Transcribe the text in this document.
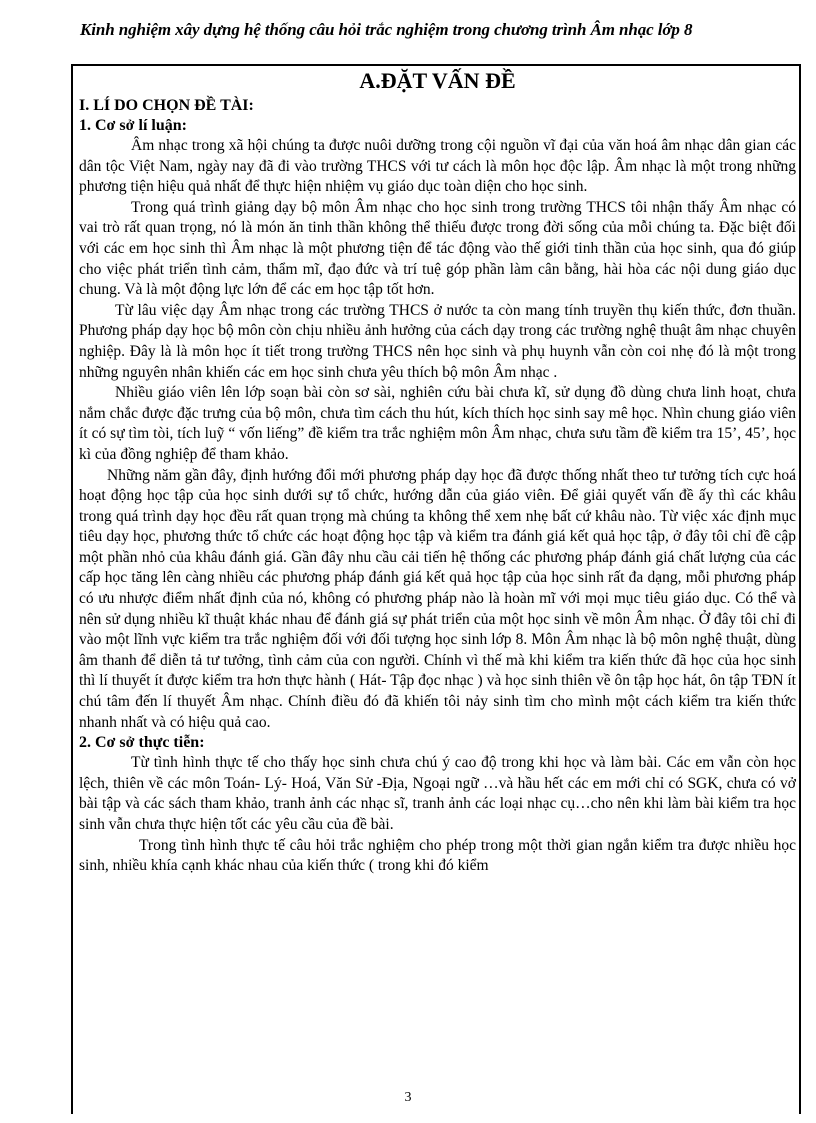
Kinh nghiệm xây dựng hệ thống câu hỏi trắc nghiệm trong chương trình Âm nhạc lớp 8
A.ĐẶT VẤN ĐỀ
I. LÍ DO CHỌN ĐỀ TÀI:
1. Cơ sở lí luận:

Âm nhạc trong xã hội chúng ta được nuôi dưỡng trong cội nguồn vĩ đại của văn hoá âm nhạc dân gian các dân tộc Việt Nam, ngày nay đã đi vào trường THCS với tư cách là môn học độc lập. Âm nhạc là một trong những phương tiện hiệu quả nhất để thực hiện nhiệm vụ giáo dục toàn diện cho học sinh.

Trong quá trình giảng dạy bộ môn Âm nhạc cho học sinh trong trường THCS tôi nhận thấy Âm nhạc có vai trò rất quan trọng, nó là món ăn tinh thần không thể thiếu được trong đời sống của mỗi chúng ta. Đặc biệt đối với các em học sinh thì Âm nhạc là một phương tiện để tác động vào thế giới tinh thần của học sinh, qua đó giúp cho việc phát triển tình cảm, thẩm mĩ, đạo đức và trí tuệ góp phần làm cân bằng, hài hòa các nội dung giáo dục chung. Và là một động lực lớn để các em học tập tốt hơn.

Từ lâu việc dạy Âm nhạc trong các trường THCS ở nước ta còn mang tính truyền thụ kiến thức, đơn thuần. Phương pháp dạy học bộ môn còn chịu nhiều ảnh hưởng của cách dạy trong các trường nghệ thuật âm nhạc chuyên nghiệp. Đây là là môn học ít tiết trong trường THCS nên học sinh và phụ huynh vẫn còn coi nhẹ đó là một trong những nguyên nhân khiến các em học sinh chưa yêu thích bộ môn Âm nhạc .

Nhiều giáo viên lên lớp soạn bài còn sơ sài, nghiên cứu bài chưa kĩ, sử dụng đồ dùng chưa linh hoạt, chưa nắm chắc được đặc trưng của bộ môn, chưa tìm cách thu hút, kích thích học sinh say mê học. Nhìn chung giáo viên ít có sự tìm tòi, tích luỹ “ vốn liếng” đề kiểm tra trắc nghiệm môn Âm nhạc, chưa sưu tầm đề kiểm tra 15’, 45’, học kì của đồng nghiệp để tham khảo.

Những năm gần đây, định hướng đổi mới phương pháp dạy học đã được thống nhất theo tư tưởng tích cực hoá hoạt động học tập của học sinh dưới sự tổ chức, hướng dẫn của giáo viên. Để giải quyết vấn đề ấy thì các khâu trong quá trình dạy học đều rất quan trọng mà chúng ta không thể xem nhẹ bất cứ khâu nào. Từ việc xác định mục tiêu dạy học, phương thức tổ chức các hoạt động học tập và kiểm tra đánh giá kết quả học tập, ở đây tôi chỉ đề cập một phần nhỏ của khâu đánh giá. Gần đây nhu cầu cải tiến hệ thống các phương pháp đánh giá chất lượng của các cấp học tăng lên càng nhiều các phương pháp đánh giá kết quả học tập của học sinh rất đa dạng, mỗi phương pháp có ưu nhược điểm nhất định của nó, không có phương pháp nào là hoàn mĩ với mọi mục tiêu giáo dục. Có thể và nên sử dụng nhiều kĩ thuật khác nhau để đánh giá sự phát triển của một học sinh về môn Âm nhạc. Ở đây tôi chỉ đi vào một lĩnh vực kiểm tra trắc nghiệm đối với đối tượng học sinh lớp 8. Môn Âm nhạc là bộ môn nghệ thuật, dùng âm thanh để diễn tả tư tưởng, tình cảm của con người. Chính vì thế mà khi kiểm tra kiến thức đã học của học sinh thì lí thuyết ít được kiểm tra hơn thực hành ( Hát- Tập đọc nhạc ) và học sinh thiên về ôn tập học hát, ôn tập TĐN ít chú tâm đến lí thuyết Âm nhạc. Chính điều đó đã khiến tôi nảy sinh tìm cho mình một cách kiểm tra kiến thức nhanh nhất và có hiệu quả cao.

2. Cơ sở thực tiễn:

Từ tình hình thực tế cho thấy học sinh chưa chú ý cao độ trong khi học và làm bài. Các em vẫn còn học lệch, thiên về các môn Toán- Lý- Hoá, Văn Sử -Địa, Ngoại ngữ …và hầu hết các em mới chỉ có SGK, chưa có vở bài tập và các sách tham khảo, tranh ảnh các nhạc sĩ, tranh ảnh các loại nhạc cụ…cho nên khi làm bài kiểm tra học sinh vẫn chưa thực hiện tốt các yêu cầu của đề bài.

Trong tình hình thực tế câu hỏi trắc nghiệm cho phép trong một thời gian ngắn kiểm tra được nhiều học sinh, nhiều khía cạnh khác nhau của kiến thức ( trong khi đó kiểm

3
